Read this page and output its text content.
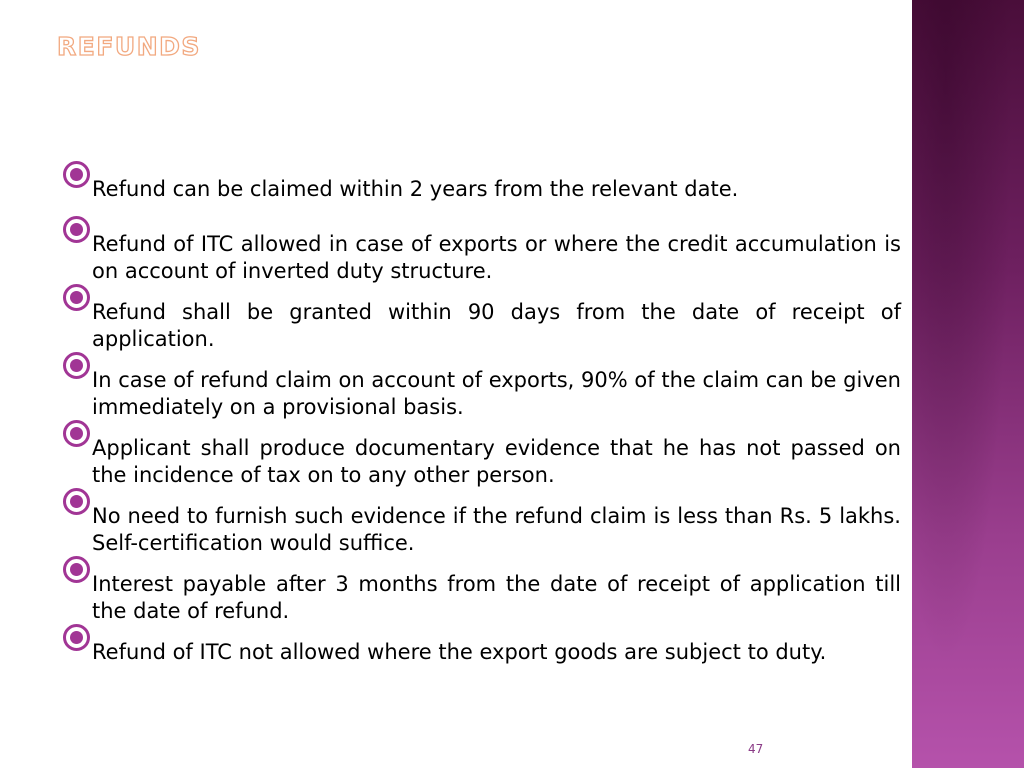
REFUNDS
Refund can be claimed within 2 years from the relevant date.
Refund of ITC allowed in case of exports or where the credit accumulation is on account of inverted duty structure.
Refund shall be granted within 90 days from the date of receipt of application.
In case of refund claim on account of exports, 90% of the claim can be given immediately on a provisional basis.
Applicant shall produce documentary evidence that he has not passed on the incidence of tax on to any other person.
No need to furnish such evidence if the refund claim is less than Rs. 5 lakhs. Self-certification would suffice.
Interest payable after 3 months from the date of receipt of application till the date of refund.
Refund of ITC not allowed where the export goods are subject to duty.
47
